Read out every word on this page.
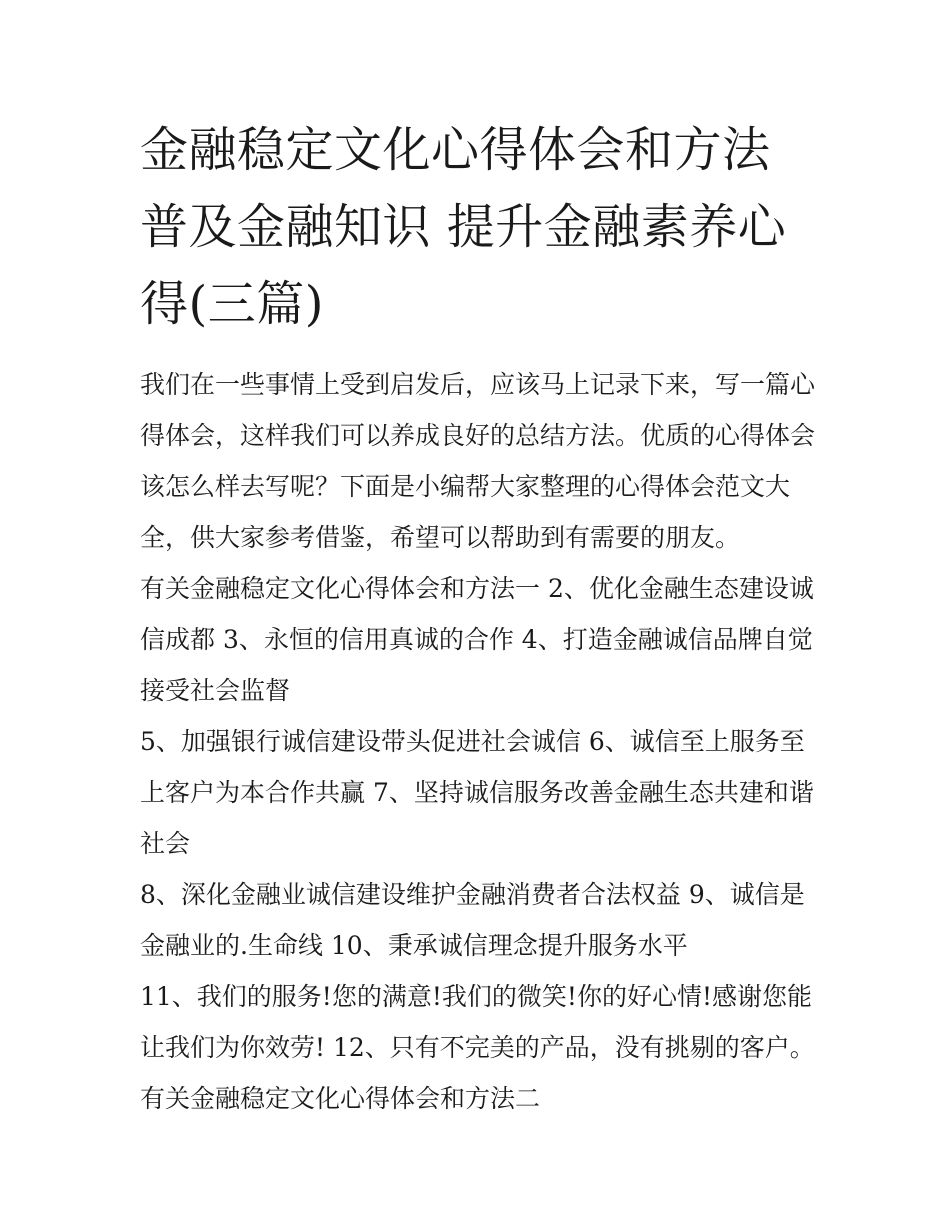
金融稳定文化心得体会和方法 普及金融知识 提升金融素养心得(三篇)

我们在一些事情上受到启发后，应该马上记录下来，写一篇心得体会，这样我们可以养成良好的总结方法。优质的心得体会该怎么样去写呢？下面是小编帮大家整理的心得体会范文大全，供大家参考借鉴，希望可以帮助到有需要的朋友。

有关金融稳定文化心得体会和方法一 2、优化金融生态建设诚信成都 3、永恒的信用真诚的合作 4、打造金融诚信品牌自觉接受社会监督

5、加强银行诚信建设带头促进社会诚信 6、诚信至上服务至上客户为本合作共赢 7、坚持诚信服务改善金融生态共建和谐社会

8、深化金融业诚信建设维护金融消费者合法权益 9、诚信是金融业的.生命线 10、秉承诚信理念提升服务水平

11、我们的服务!您的满意!我们的微笑!你的好心情!感谢您能让我们为你效劳! 12、只有不完美的产品，没有挑剔的客户。 有关金融稳定文化心得体会和方法二
